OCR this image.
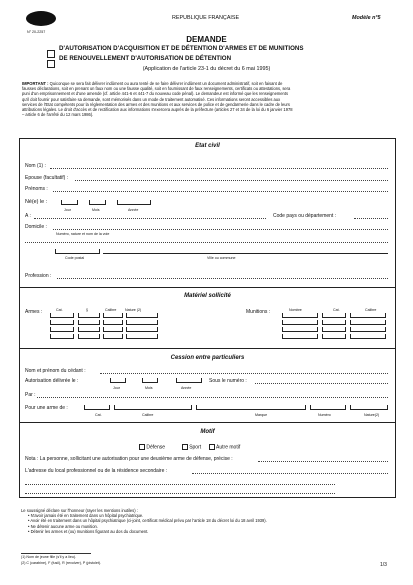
N° 20-2257
REPUBLIQUE FRANÇAISE	Modèle n°5
DEMANDE
D'AUTORISATION D'ACQUISITION ET DE DÉTENTION D'ARMES ET DE MUNITIONS
DE RENOUVELLEMENT D'AUTORISATION DE DÉTENTION
(Application de l'article 23-1 du décret du 6 mai 1995)
IMPORTANT : Quiconque se sera fait délivrer indûment ou aura tenté de se faire délivrer indûment un document administratif, soit en faisant de
fausses déclarations, soit en prenant un faux nom ou une fausse qualité, soit en fournissant de faux renseignements, certificats ou attestations, sera
puni d'un emprisonnement et d'une amende (cf. article 441-6 et 441-7 du nouveau code pénal). Le demandeur est informé que les renseignements
qu'il doit fournir pour satisfaire sa demande, sont mémorisés dans un mode de traitement automatisé. Ces informations seront accessibles aux
services de l'Etat compétents pour la réglementation des armes et des munitions et aux services de police et de gendarmerie dans le cadre de leurs
attributions légales. Le droit d'accès et de rectification aux informations s'exercera auprès de la préfecture (articles 27 et 34 de la loi du 6 janvier 1978
– article 6 de l'arrêté du 12 mars 1986).
Etat civil
Nom (1) :
Epouse (facultatif) :
Prénoms :
Né(e) le :
Jour	Mois	Année
A :	Code pays ou département :
Domicile :
Numéro, nature et nom de la voie
Code postal	Ville ou commune
Profession :
Matériel sollicité
Armes :	Cat.	§	Calibre Nature (2)	Munitions :	Nombre	Cat.	Calibre
Cession entre particuliers
Nom et prénom du cédant :
Autorisation délivrée le :
Jour	Mois	Année
Sous le numéro :
Par :
Pour une arme de :
Cat.	Calibre	Marque	Numéro	Nature(2)
Motif
Défense	Sport	Autre motif
Nota : La personne, sollicitant une autorisation pour une deuxième arme de défense, précise :
L'adresse du local professionnel ou de la résidence secondaire :
Le soussigné déclare sur l'honneur (rayer les mentions inutiles) :
• N'avoir jamais été en traitement dans un hôpital psychiatrique.
• Avoir été en traitement dans un hôpital psychiatrique (ci-joint, certificat médical prévu par l'article 18 du décret loi du 18 avril 1939).
• Ne détenir aucune arme ou munition.
• Détenir les armes et (ou) munitions figurant au dos du document.
(1) Nom de jeune fille (s'il y a lieu).
(2) C (carabine), F (fusil), R (revolver), P (pistolet).	1/3
